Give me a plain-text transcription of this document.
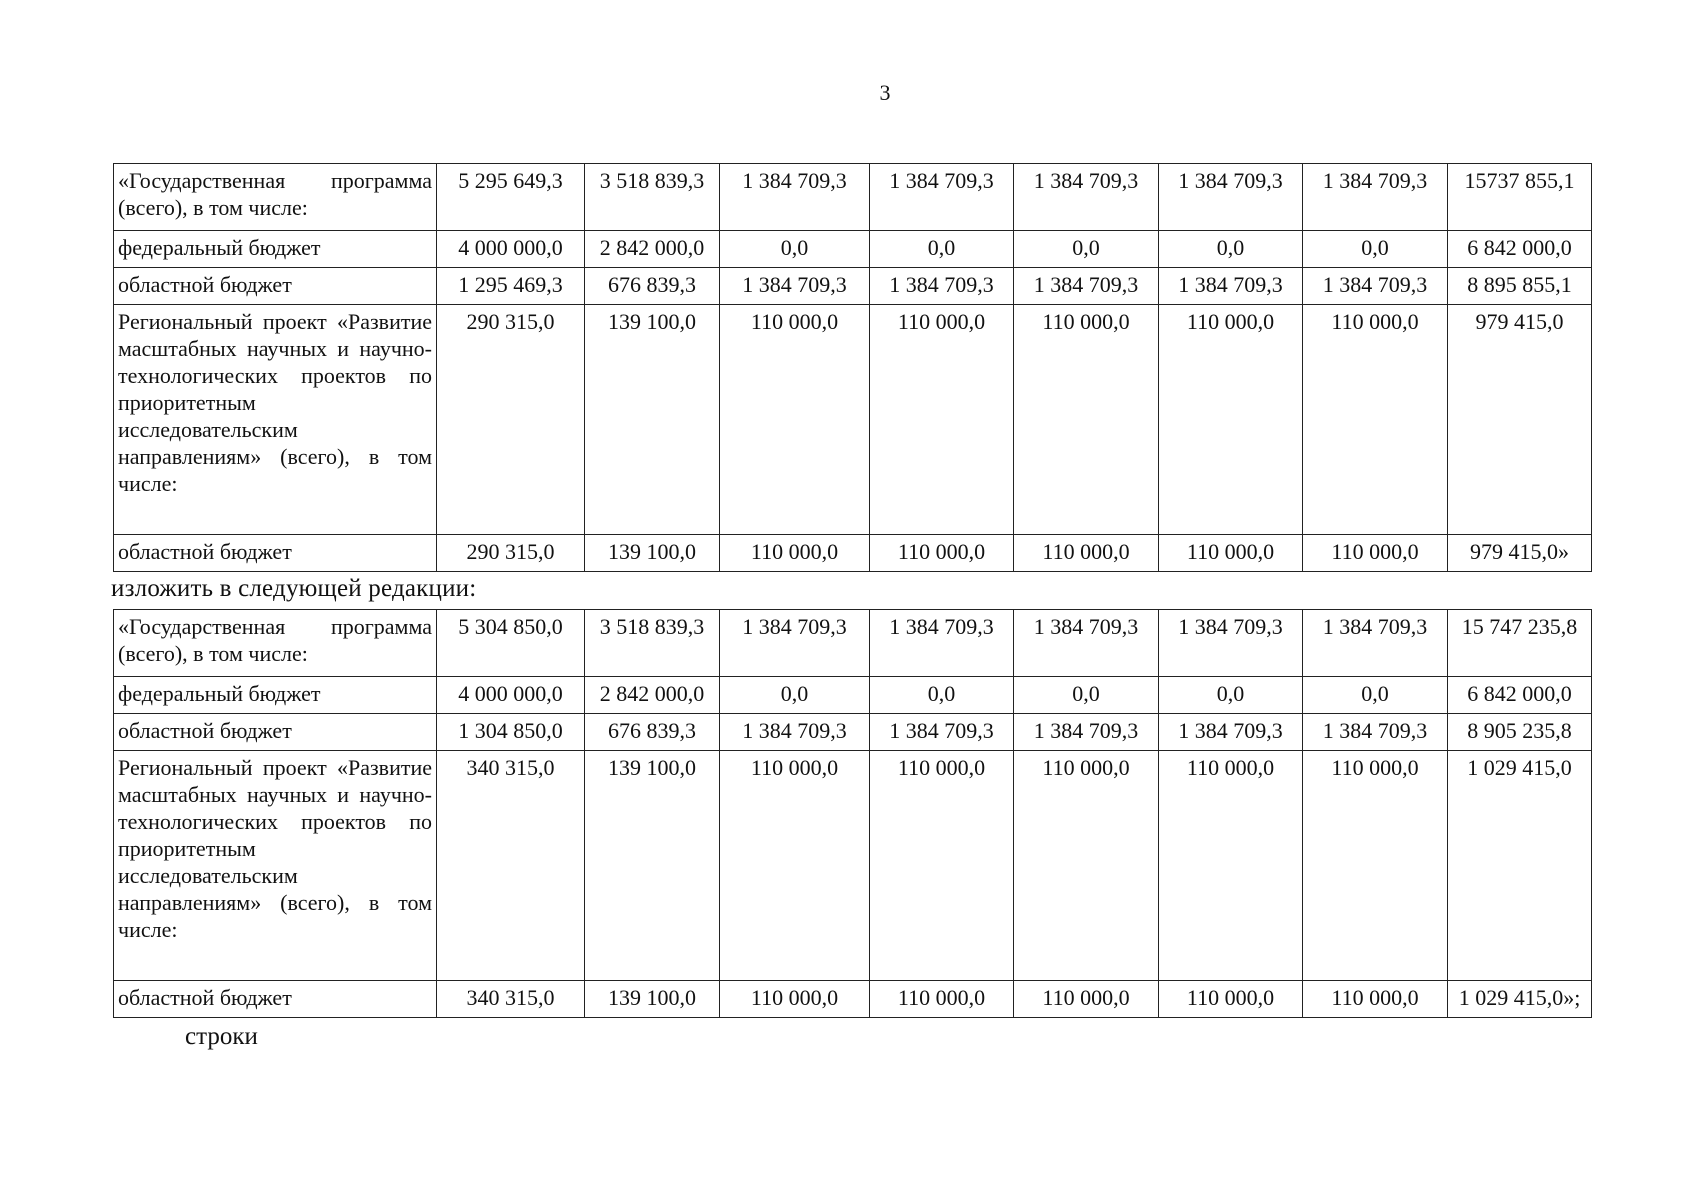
3
«Государственная программа (всего), в том числе:	5 295 649,3	3 518 839,3	1 384 709,3	1 384 709,3	1 384 709,3	1 384 709,3	1 384 709,3	15737 855,1
федеральный бюджет	4 000 000,0	2 842 000,0	0,0	0,0	0,0	0,0	0,0	6 842 000,0
областной бюджет	1 295 469,3	676 839,3	1 384 709,3	1 384 709,3	1 384 709,3	1 384 709,3	1 384 709,3	8 895 855,1
Региональный проект «Развитие масштабных научных и научно-технологических проектов по приоритетным исследовательским направлениям» (всего), в том числе:	290 315,0	139 100,0	110 000,0	110 000,0	110 000,0	110 000,0	110 000,0	979 415,0
областной бюджет	290 315,0	139 100,0	110 000,0	110 000,0	110 000,0	110 000,0	110 000,0	979 415,0»
изложить в следующей редакции:
«Государственная программа (всего), в том числе:	5 304 850,0	3 518 839,3	1 384 709,3	1 384 709,3	1 384 709,3	1 384 709,3	1 384 709,3	15 747 235,8
федеральный бюджет	4 000 000,0	2 842 000,0	0,0	0,0	0,0	0,0	0,0	6 842 000,0
областной бюджет	1 304 850,0	676 839,3	1 384 709,3	1 384 709,3	1 384 709,3	1 384 709,3	1 384 709,3	8 905 235,8
Региональный проект «Развитие масштабных научных и научно-технологических проектов по приоритетным исследовательским направлениям» (всего), в том числе:	340 315,0	139 100,0	110 000,0	110 000,0	110 000,0	110 000,0	110 000,0	1 029 415,0
областной бюджет	340 315,0	139 100,0	110 000,0	110 000,0	110 000,0	110 000,0	110 000,0	1 029 415,0»;
строки
